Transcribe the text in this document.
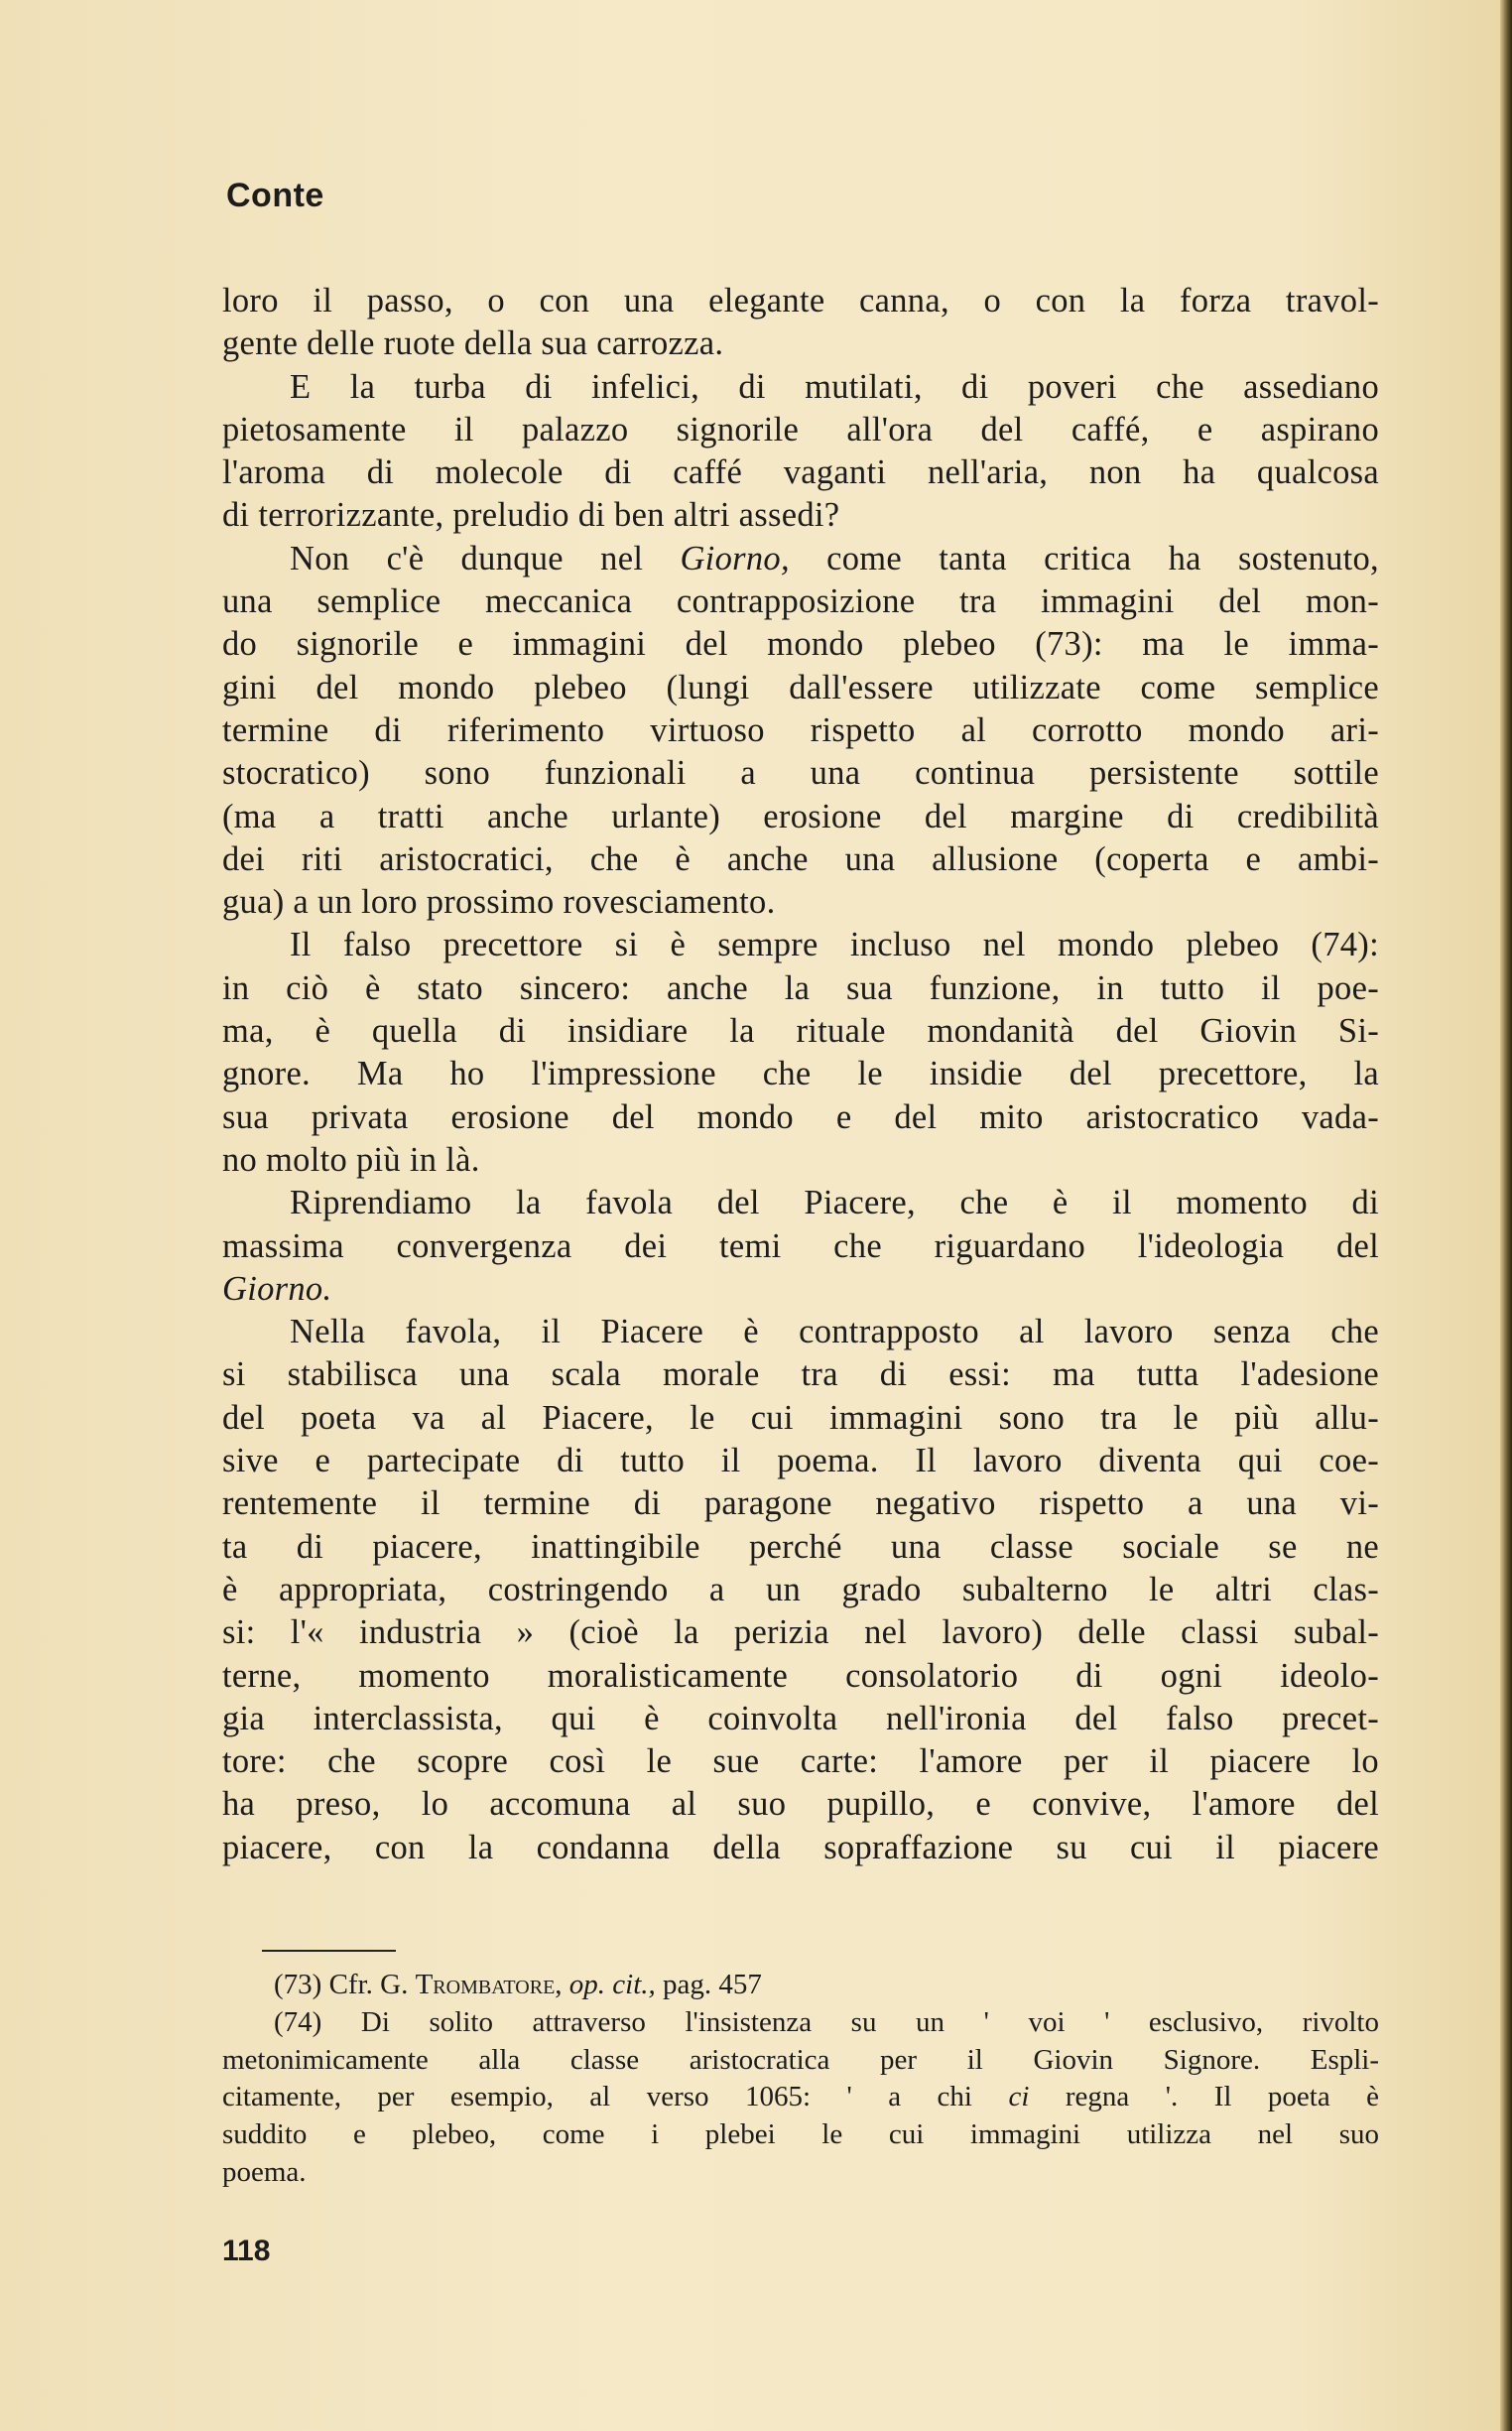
Conte
loro il passo, o con una elegante canna, o con la forza travol-
gente delle ruote della sua carrozza.
E la turba di infelici, di mutilati, di poveri che assediano
pietosamente il palazzo signorile all'ora del caffé, e aspirano
l'aroma di molecole di caffé vaganti nell'aria, non ha qualcosa
di terrorizzante, preludio di ben altri assedi?
Non c'è dunque nel Giorno, come tanta critica ha sostenuto,
una semplice meccanica contrapposizione tra immagini del mon-
do signorile e immagini del mondo plebeo (73): ma le imma-
gini del mondo plebeo (lungi dall'essere utilizzate come semplice
termine di riferimento virtuoso rispetto al corrotto mondo ari-
stocratico) sono funzionali a una continua persistente sottile
(ma a tratti anche urlante) erosione del margine di credibilità
dei riti aristocratici, che è anche una allusione (coperta e ambi-
gua) a un loro prossimo rovesciamento.
Il falso precettore si è sempre incluso nel mondo plebeo (74):
in ciò è stato sincero: anche la sua funzione, in tutto il poe-
ma, è quella di insidiare la rituale mondanità del Giovin Si-
gnore. Ma ho l'impressione che le insidie del precettore, la
sua privata erosione del mondo e del mito aristocratico vada-
no molto più in là.
Riprendiamo la favola del Piacere, che è il momento di
massima convergenza dei temi che riguardano l'ideologia del
Giorno.
Nella favola, il Piacere è contrapposto al lavoro senza che
si stabilisca una scala morale tra di essi: ma tutta l'adesione
del poeta va al Piacere, le cui immagini sono tra le più allu-
sive e partecipate di tutto il poema. Il lavoro diventa qui coe-
rentemente il termine di paragone negativo rispetto a una vi-
ta di piacere, inattingibile perché una classe sociale se ne
è appropriata, costringendo a un grado subalterno le altri clas-
si: l'« industria » (cioè la perizia nel lavoro) delle classi subal-
terne, momento moralisticamente consolatorio di ogni ideolo-
gia interclassista, qui è coinvolta nell'ironia del falso precet-
tore: che scopre così le sue carte: l'amore per il piacere lo
ha preso, lo accomuna al suo pupillo, e convive, l'amore del
piacere, con la condanna della sopraffazione su cui il piacere
(73) Cfr. G. Trombatore, op. cit., pag. 457
(74) Di solito attraverso l'insistenza su un ' voi ' esclusivo, rivolto
metonimicamente alla classe aristocratica per il Giovin Signore. Espli-
citamente, per esempio, al verso 1065: ' a chi ci regna '. Il poeta è
suddito e plebeo, come i plebei le cui immagini utilizza nel suo
poema.
118
